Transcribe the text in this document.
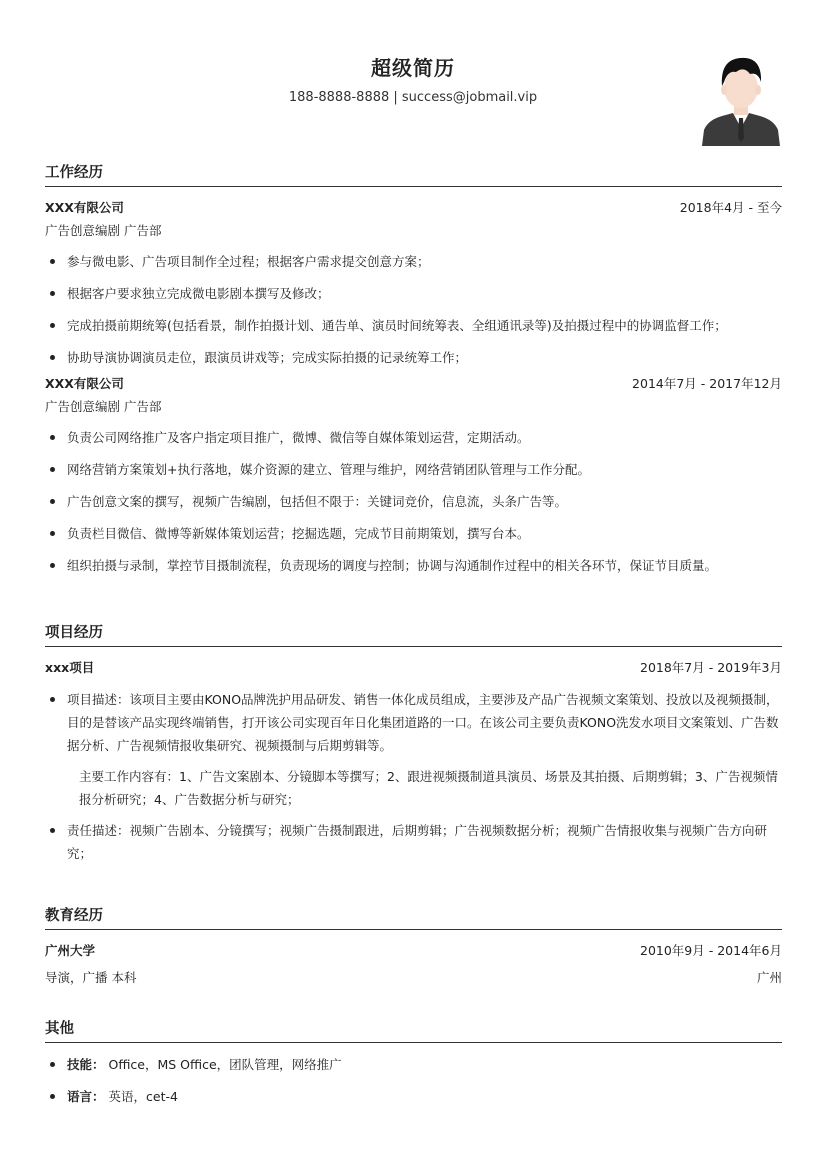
超级简历
188-8888-8888 | success@jobmail.vip
工作经历
XXX有限公司	2018年4月 - 至今
广告创意编剧 广告部
参与微电影、广告项目制作全过程；根据客户需求提交创意方案；
根据客户要求独立完成微电影剧本撰写及修改；
完成拍摄前期统筹(包括看景，制作拍摄计划、通告单、演员时间统筹表、全组通讯录等)及拍摄过程中的协调监督工作；
协助导演协调演员走位，跟演员讲戏等；完成实际拍摄的记录统筹工作；
XXX有限公司	2014年7月 - 2017年12月
广告创意编剧 广告部
负责公司网络推广及客户指定项目推广，微博、微信等自媒体策划运营，定期活动。
网络营销方案策划+执行落地，媒介资源的建立、管理与维护，网络营销团队管理与工作分配。
广告创意文案的撰写，视频广告编剧，包括但不限于：关键词竞价，信息流，头条广告等。
负责栏目微信、微博等新媒体策划运营；挖掘选题，完成节目前期策划，撰写台本。
组织拍摄与录制，掌控节目摄制流程，负责现场的调度与控制；协调与沟通制作过程中的相关各环节，保证节目质量。
项目经历
xxx项目	2018年7月 - 2019年3月
项目描述：该项目主要由KONO品牌洗护用品研发、销售一体化成员组成，主要涉及产品广告视频文案策划、投放以及视频摄制，目的是替该产品实现终端销售，打开该公司实现百年日化集团道路的一口。在该公司主要负责KONO洗发水项目文案策划、广告数据分析、广告视频情报收集研究、视频摄制与后期剪辑等。
主要工作内容有：1、广告文案剧本、分镜脚本等撰写；2、跟进视频摄制道具演员、场景及其拍摄、后期剪辑；3、广告视频情报分析研究；4、广告数据分析与研究；
责任描述：视频广告剧本、分镜撰写；视频广告摄制跟进，后期剪辑；广告视频数据分析；视频广告情报收集与视频广告方向研究；
教育经历
广州大学	2010年9月 - 2014年6月
导演，广播 本科	广州
其他
技能： Office，MS Office，团队管理，网络推广
语言： 英语，cet-4
